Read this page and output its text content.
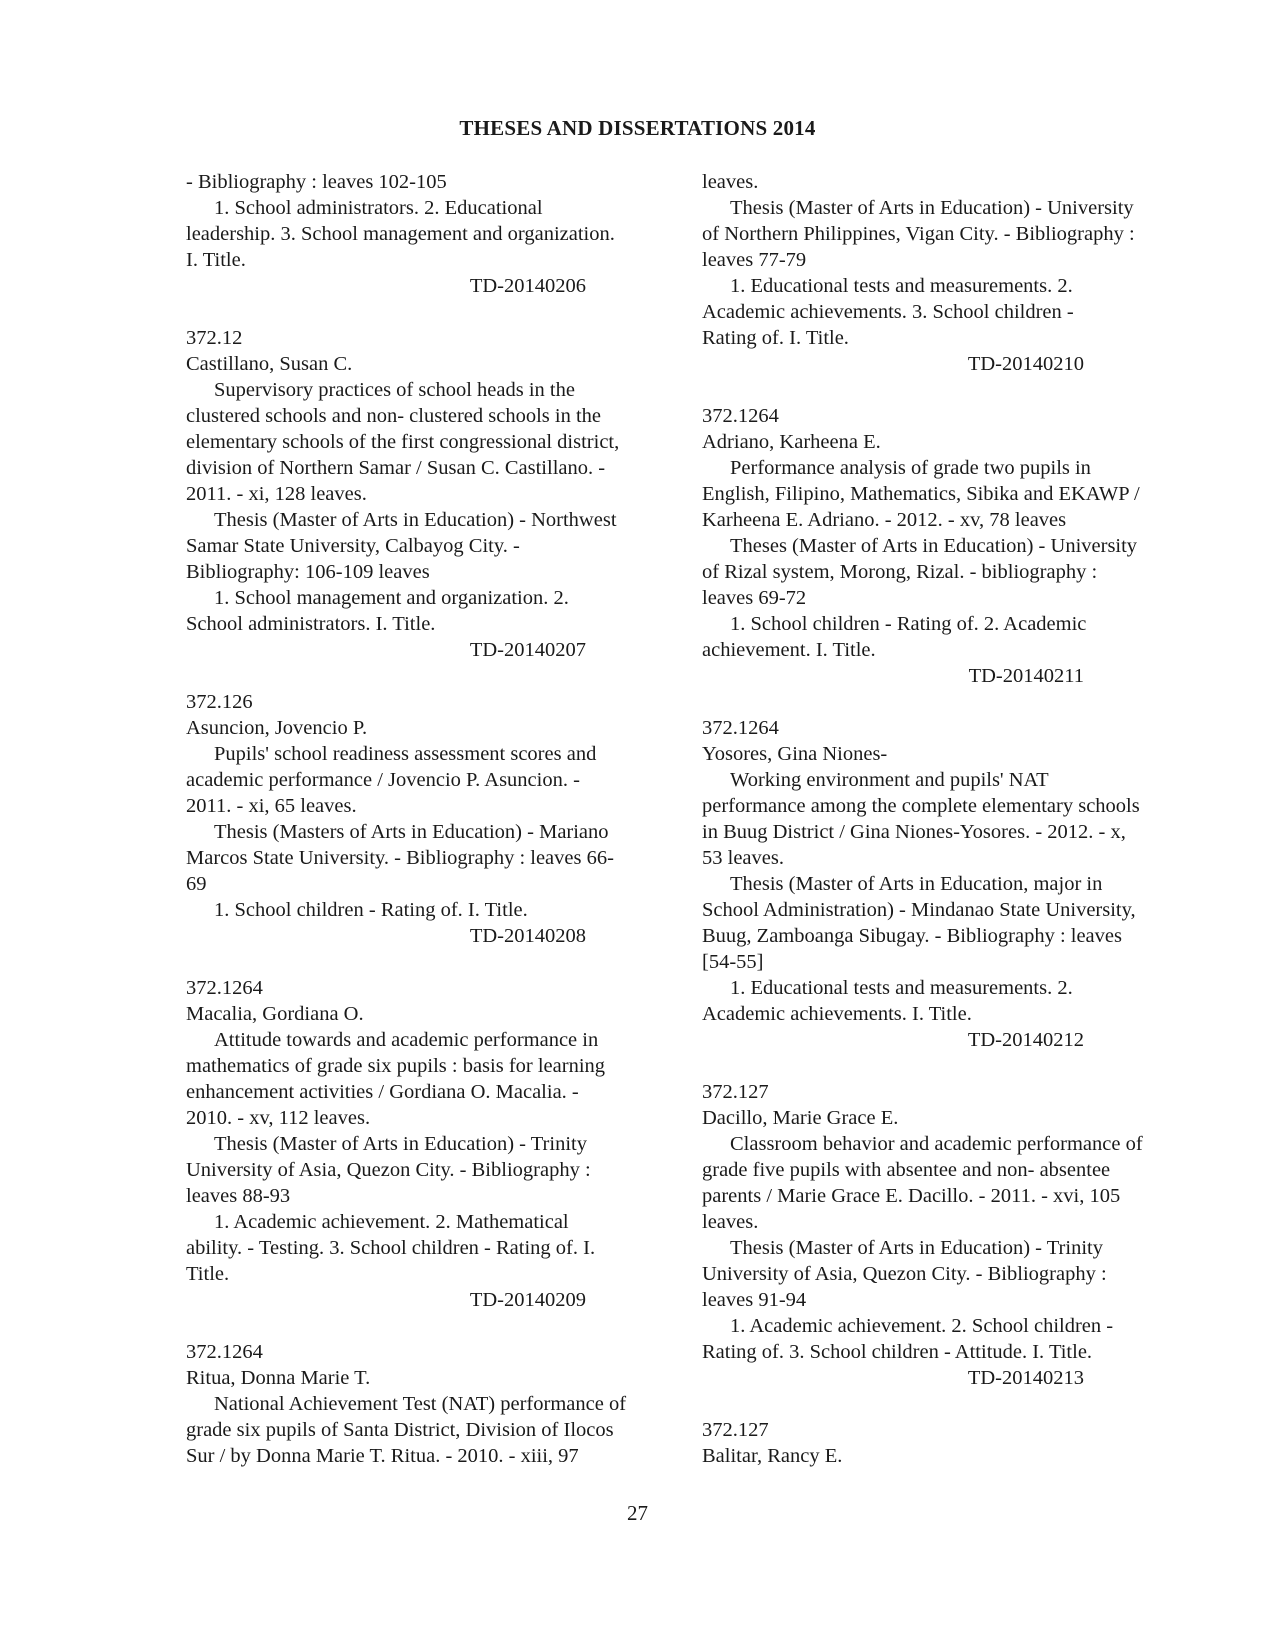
THESES AND DISSERTATIONS 2014
- Bibliography : leaves 102-105
1. School administrators. 2. Educational
leadership. 3. School management and organization.
I. Title.
TD-20140206
372.12
Castillano, Susan C.
Supervisory practices of school heads in the
clustered schools and non- clustered schools in the
elementary schools of the first congressional district,
division of Northern Samar / Susan C. Castillano. -
2011. - xi, 128 leaves.
Thesis (Master of Arts in Education) - Northwest
Samar State University, Calbayog City. -
Bibliography: 106-109 leaves
1. School management and organization. 2.
School administrators. I. Title.
TD-20140207
372.126
Asuncion, Jovencio P.
Pupils' school readiness assessment scores and
academic performance / Jovencio P. Asuncion. -
2011. - xi, 65 leaves.
Thesis (Masters of Arts in Education) - Mariano
Marcos State University. - Bibliography : leaves 66-
69
1. School children - Rating of. I. Title.
TD-20140208
372.1264
Macalia, Gordiana O.
Attitude towards and academic performance in
mathematics of grade six pupils : basis for learning
enhancement activities / Gordiana O. Macalia. -
2010. - xv, 112 leaves.
Thesis (Master of Arts in Education) - Trinity
University of Asia, Quezon City. - Bibliography :
leaves 88-93
1. Academic achievement. 2. Mathematical
ability. - Testing. 3. School children - Rating of. I.
Title.
TD-20140209
372.1264
Ritua, Donna Marie T.
National Achievement Test (NAT) performance of
grade six pupils of Santa District, Division of Ilocos
Sur / by Donna Marie T. Ritua. - 2010. - xiii, 97
leaves.
Thesis (Master of Arts in Education) - University
of Northern Philippines, Vigan City. - Bibliography :
leaves 77-79
1. Educational tests and measurements. 2.
Academic achievements. 3. School children -
Rating of. I. Title.
TD-20140210
372.1264
Adriano, Karheena E.
Performance analysis of grade two pupils in
English, Filipino, Mathematics, Sibika and EKAWP /
Karheena E. Adriano. - 2012. - xv, 78 leaves
Theses (Master of Arts in Education) - University
of Rizal system, Morong, Rizal. - bibliography :
leaves 69-72
1. School children - Rating of. 2. Academic
achievement. I. Title.
TD-20140211
372.1264
Yosores, Gina Niones-
Working environment and pupils' NAT
performance among the complete elementary schools
in Buug District / Gina Niones-Yosores. - 2012. - x,
53 leaves.
Thesis (Master of Arts in Education, major in
School Administration) - Mindanao State University,
Buug, Zamboanga Sibugay. - Bibliography : leaves
[54-55]
1. Educational tests and measurements. 2.
Academic achievements. I. Title.
TD-20140212
372.127
Dacillo, Marie Grace E.
Classroom behavior and academic performance of
grade five pupils with absentee and non- absentee
parents / Marie Grace E. Dacillo. - 2011. - xvi, 105
leaves.
Thesis (Master of Arts in Education) - Trinity
University of Asia, Quezon City. - Bibliography :
leaves 91-94
1. Academic achievement. 2. School children -
Rating of. 3. School children - Attitude. I. Title.
TD-20140213
372.127
Balitar, Rancy E.
27
